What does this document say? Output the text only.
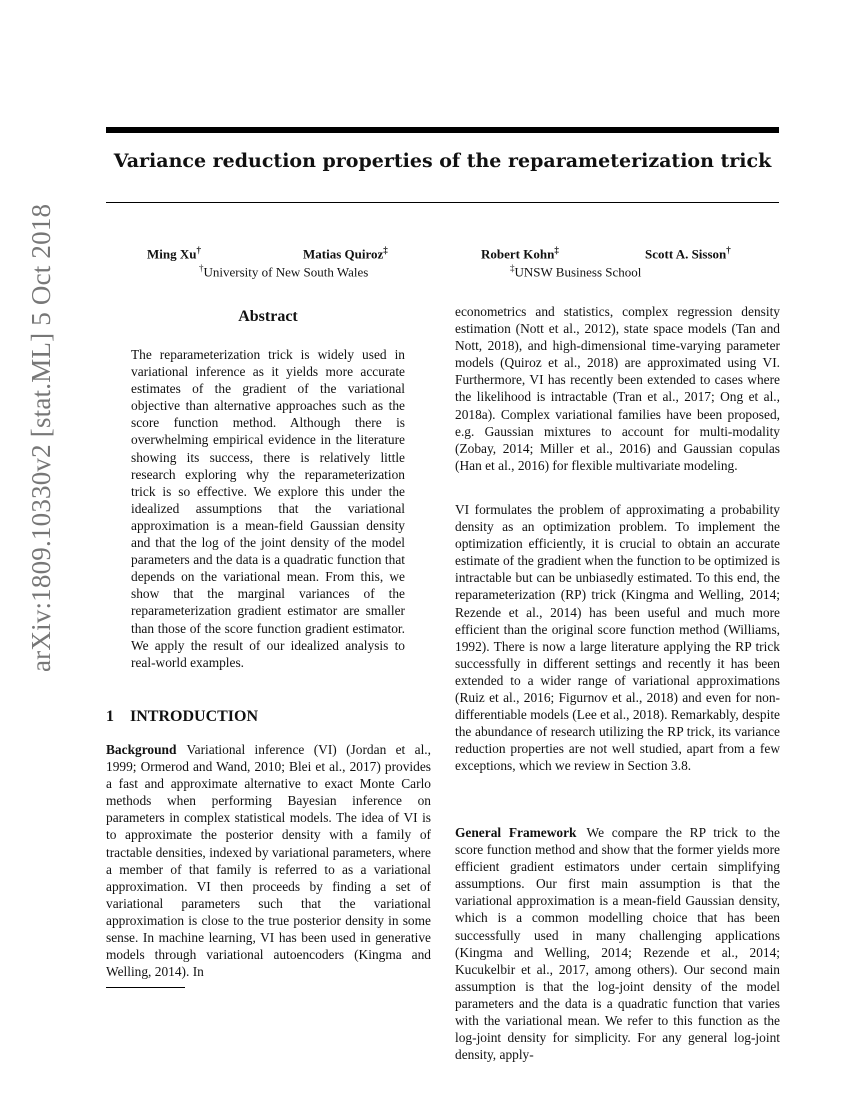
arXiv:1809.10330v2 [stat.ML] 5 Oct 2018
Variance reduction properties of the reparameterization trick
Ming Xu†	Matias Quiroz‡	Robert Kohn‡	Scott A. Sisson†
†University of New South Wales	‡UNSW Business School
Abstract

The reparameterization trick is widely used in variational inference as it yields more accurate estimates of the gradient of the variational objective than alternative approaches such as the score function method. Although there is overwhelming empirical evidence in the literature showing its success, there is relatively little research exploring why the reparameterization trick is so effective. We explore this under the idealized assumptions that the variational approximation is a mean-field Gaussian density and that the log of the joint density of the model parameters and the data is a quadratic function that depends on the variational mean. From this, we show that the marginal variances of the reparameterization gradient estimator are smaller than those of the score function gradient estimator. We apply the result of our idealized analysis to real-world examples.

1 INTRODUCTION

Background Variational inference (VI) (Jordan et al., 1999; Ormerod and Wand, 2010; Blei et al., 2017) provides a fast and approximate alternative to exact Monte Carlo methods when performing Bayesian inference on parameters in complex statistical models. The idea of VI is to approximate the posterior density with a family of tractable densities, indexed by variational parameters, where a member of that family is referred to as a variational approximation. VI then proceeds by finding a set of variational parameters such that the variational approximation is close to the true posterior density in some sense. In machine learning, VI has been used in generative models through variational autoencoders (Kingma and Welling, 2014). In

econometrics and statistics, complex regression density estimation (Nott et al., 2012), state space models (Tan and Nott, 2018), and high-dimensional time-varying parameter models (Quiroz et al., 2018) are approximated using VI. Furthermore, VI has recently been extended to cases where the likelihood is intractable (Tran et al., 2017; Ong et al., 2018a). Complex variational families have been proposed, e.g. Gaussian mixtures to account for multi-modality (Zobay, 2014; Miller et al., 2016) and Gaussian copulas (Han et al., 2016) for flexible multivariate modeling.

VI formulates the problem of approximating a probability density as an optimization problem. To implement the optimization efficiently, it is crucial to obtain an accurate estimate of the gradient when the function to be optimized is intractable but can be unbiasedly estimated. To this end, the reparameterization (RP) trick (Kingma and Welling, 2014; Rezende et al., 2014) has been useful and much more efficient than the original score function method (Williams, 1992). There is now a large literature applying the RP trick successfully in different settings and recently it has been extended to a wider range of variational approximations (Ruiz et al., 2016; Figurnov et al., 2018) and even for non-differentiable models (Lee et al., 2018). Remarkably, despite the abundance of research utilizing the RP trick, its variance reduction properties are not well studied, apart from a few exceptions, which we review in Section 3.8.

General Framework We compare the RP trick to the score function method and show that the former yields more efficient gradient estimators under certain simplifying assumptions. Our first main assumption is that the variational approximation is a mean-field Gaussian density, which is a common modelling choice that has been successfully used in many challenging applications (Kingma and Welling, 2014; Rezende et al., 2014; Kucukelbir et al., 2017, among others). Our second main assumption is that the log-joint density of the model parameters and the data is a quadratic function that varies with the variational mean. We refer to this function as the log-joint density for simplicity. For any general log-joint density, apply-
